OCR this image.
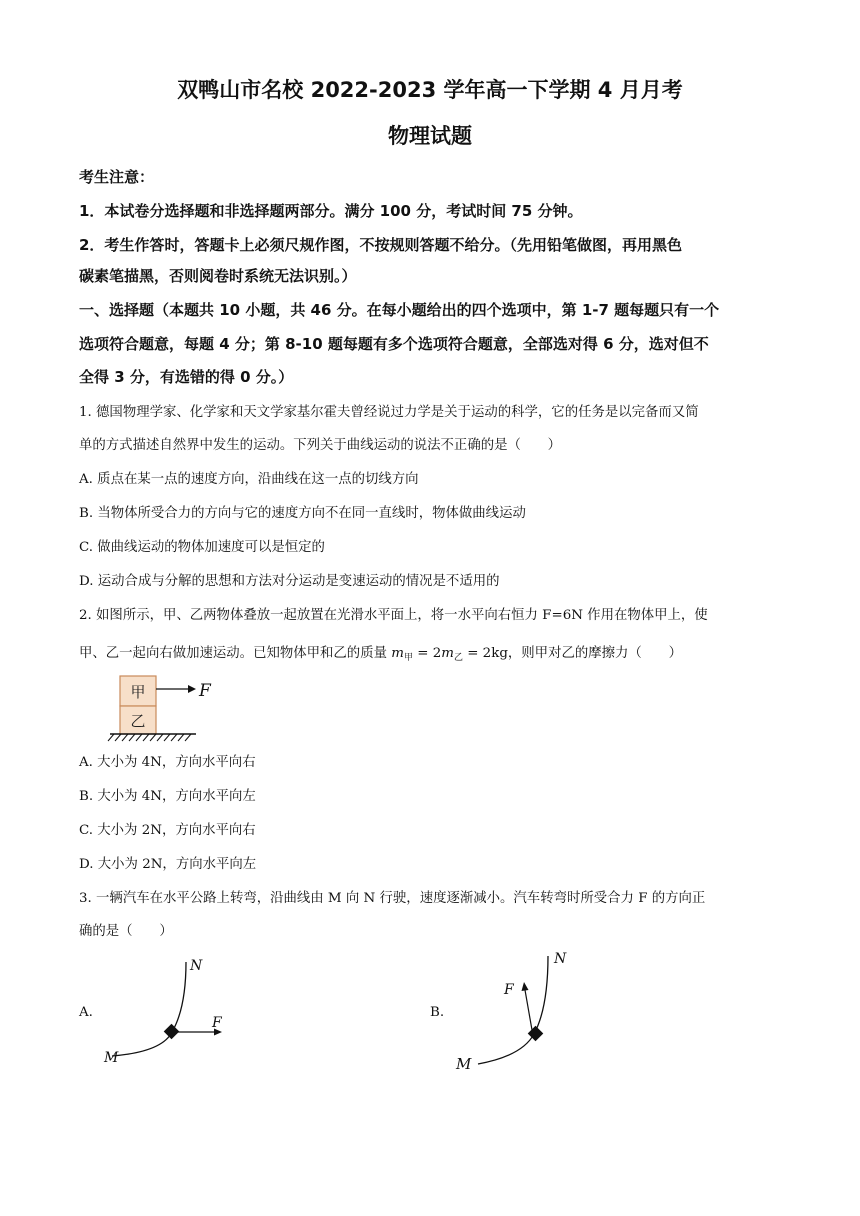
双鸭山市名校 2022-2023 学年高一下学期 4 月月考
物理试题
考生注意：
1．本试卷分选择题和非选择题两部分。满分 100 分，考试时间 75 分钟。
2．考生作答时，答题卡上必须尺规作图，不按规则答题不给分。（先用铅笔做图，再用黑色
碳素笔描黑，否则阅卷时系统无法识别。）
一、选择题（本题共 10 小题，共 46 分。在每小题给出的四个选项中，第 1-7 题每题只有一个
选项符合题意，每题 4 分；第 8-10 题每题有多个选项符合题意，全部选对得 6 分，选对但不
全得 3 分，有选错的得 0 分。）
1. 德国物理学家、化学家和天文学家基尔霍夫曾经说过力学是关于运动的科学，它的任务是以完备而又简
单的方式描述自然界中发生的运动。下列关于曲线运动的说法不正确的是（　　）
A. 质点在某一点的速度方向，沿曲线在这一点的切线方向
B. 当物体所受合力的方向与它的速度方向不在同一直线时，物体做曲线运动
C. 做曲线运动的物体加速度可以是恒定的
D. 运动合成与分解的思想和方法对分运动是变速运动的情况是不适用的
2. 如图所示，甲、乙两物体叠放一起放置在光滑水平面上，将一水平向右恒力 F=6N 作用在物体甲上，使
甲、乙一起向右做加速运动。已知物体甲和乙的质量 $m_甲 = 2m_乙 = 2kg$，则甲对乙的摩擦力（　　）
甲
乙
F
A. 大小为 4N，方向水平向右
B. 大小为 4N，方向水平向左
C. 大小为 2N，方向水平向右
D. 大小为 2N，方向水平向左
3. 一辆汽车在水平公路上转弯，沿曲线由 M 向 N 行驶，速度逐渐减小。汽车转弯时所受合力 F 的方向正
确的是（　　）
A.
F
N
M
B.
F
N
M
